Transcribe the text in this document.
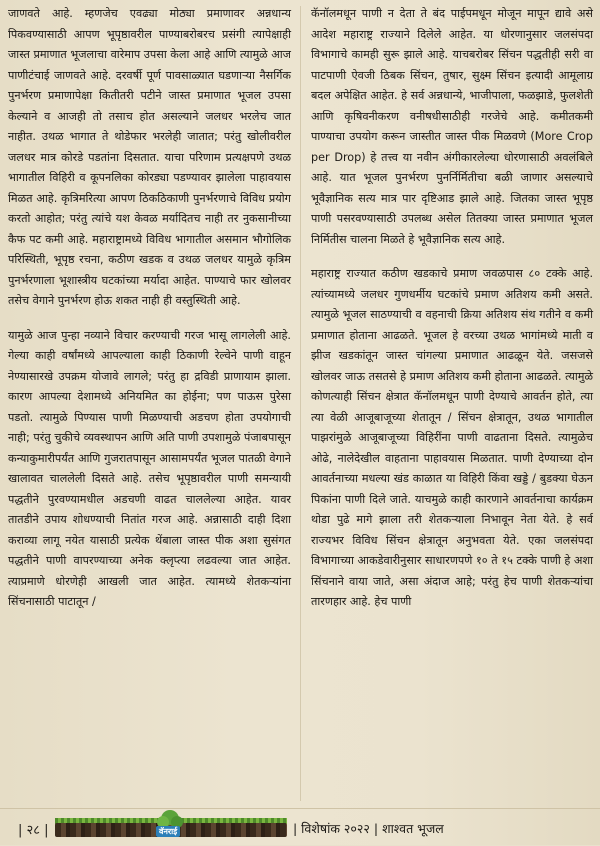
जाणवते आहे. म्हणजेच एवढ्या मोठ्या प्रमाणावर अन्नधान्य पिकवण्यासाठी आपण भूपृष्ठावरील पाण्याबरोबरच प्रसंगी त्यापेक्षाही जास्त प्रमाणात भूजलाचा वारेमाप उपसा केला आहे आणि त्यामुळे आज पाणीटंचाई जाणवते आहे. दरवर्षी पूर्ण पावसाळ्यात घडणाऱ्या नैसर्गिक पुनर्भरण प्रमाणापेक्षा कितीतरी पटीने जास्त प्रमाणात भूजल उपसा केल्याने व आजही तो तसाच होत असल्याने जलधर भरलेच जात नाहीत. उथळ भागात ते थोडेफार भरलेही जातात; परंतु खोलीवरील जलधर मात्र कोरडे पडतांना दिसतात. याचा परिणाम प्रत्यक्षपणे उथळ भागातील विहिरी व कूपनलिका कोरड्या पडण्यावर झालेला पाहावयास मिळत आहे. कृत्रिमरित्या आपण ठिकठिकाणी पुनर्भरणाचे विविध प्रयोग करतो आहोत; परंतु त्यांचे यश केवळ मर्यादितच नाही तर नुकसानीच्या कैफ पट कमी आहे. महाराष्ट्रामध्ये विविध भागातील असमान भौगोलिक परिस्थिती, भूपृष्ठ रचना, कठीण खडक व उथळ जलधर यामुळे कृत्रिम पुनर्भरणाला भूशास्त्रीय घटकांच्या मर्यादा आहेत. पाण्याचे फार खोलवर तसेच वेगाने पुनर्भरण होऊ शकत नाही ही वस्तुस्थिती आहे.

यामुळे आज पुन्हा नव्याने विचार करण्याची गरज भासू लागलेली आहे. गेल्या काही वर्षांमध्ये आपल्याला काही ठिकाणी रेल्वेने पाणी वाहून नेण्यासारखे उपक्रम योजावे लागले; परंतु हा द्रविडी प्राणायाम झाला. कारण आपल्या देशामध्ये अनियमित का होईना; पण पाऊस पुरेसा पडतो. त्यामुळे पिण्यास पाणी मिळण्याची अडचण होता उपयोगाची नाही; परंतु चुकीचे व्यवस्थापन आणि अति पाणी उपशामुळे पंजाबपासून कन्याकुमारीपर्यंत आणि गुजरातपासून आसामपर्यंत भूजल पातळी वेगाने खालावत चाललेली दिसते आहे. तसेच भूपृष्ठावरील पाणी समन्यायी पद्धतीने पुरवण्यामधील अडचणी वाढत चाललेल्या आहेत. यावर तातडीने उपाय शोधण्याची नितांत गरज आहे. अन्नासाठी दाही दिशा कराव्या लागू नयेत यासाठी प्रत्येक थेंबाला जास्त पीक अशा सुसंगत पद्धतीने पाणी वापरण्याच्या अनेक क्लृप्त्या लढवल्या जात आहेत. त्याप्रमाणे धोरणेही आखली जात आहेत. त्यामध्ये शेतकऱ्यांना सिंचनासाठी पाटातून /

कॅनॉलमधून पाणी न देता ते बंद पाईपमधून मोजून मापून द्यावे असे आदेश महाराष्ट्र राज्याने दिलेले आहेत. या धोरणानुसार जलसंपदा विभागाचे कामही सुरू झाले आहे. याचबरोबर सिंचन पद्धतीही सरी वा पाटपाणी ऐवजी ठिबक सिंचन, तुषार, सुक्ष्म सिंचन इत्यादी आमूलाग्र बदल अपेक्षित आहेत. हे सर्व अन्नधान्ये, भाजीपाला, फळझाडे, फुलशेती आणि कृषिवनीकरण वनीषधीसाठीही गरजेचे आहे. कमीतकमी पाण्याचा उपयोग करून जास्तीत जास्त पीक मिळवणे (More Crop per Drop) हे तत्त्व या नवीन अंगीकारलेल्या धोरणासाठी अवलंबिले आहे. यात भूजल पुनर्भरण पुनर्निर्मितीचा बळी जाणार असल्याचे भूवैज्ञानिक सत्य मात्र पार दृष्टिआड झाले आहे. जितका जास्त भूपृष्ठ पाणी पसरवण्यासाठी उपलब्ध असेल तितक्या जास्त प्रमाणात भूजल निर्मितीस चालना मिळते हे भूवैज्ञानिक सत्य आहे.

महाराष्ट्र राज्यात कठीण खडकाचे प्रमाण जवळपास ८० टक्के आहे. त्यांच्यामध्ये जलधर गुणधर्मीय घटकांचे प्रमाण अतिशय कमी असते. त्यामुळे भूजल साठण्याची व वहनाची क्रिया अतिशय संथ गतीने व कमी प्रमाणात होताना आढळते. भूजल हे वरच्या उथळ भागांमध्ये माती व झीज खडकांतून जास्त चांगल्या प्रमाणात आढळून येते. जसजसे खोलवर जाऊ तसतसे हे प्रमाण अतिशय कमी होताना आढळते. त्यामुळे कोणत्याही सिंचन क्षेत्रात कॅनॉलमधून पाणी देण्याचे आवर्तन होते, त्या त्या वेळी आजूबाजूच्या शेतातून / सिंचन क्षेत्रातून, उथळ भागातील पाझरांमुळे आजूबाजूच्या विहिरींना पाणी वाढताना दिसते. त्यामुळेच ओढे, नालेदेखील वाहताना पाहावयास मिळतात. पाणी देण्याच्या दोन आवर्तनाच्या मधल्या खंड काळात या विहिरी किंवा खड्डे / बुडक्या घेऊन पिकांना पाणी दिले जाते. याचमुळे काही कारणाने आवर्तनाचा कार्यक्रम थोडा पुढे मागे झाला तरी शेतकऱ्याला निभावून नेता येते. हे सर्व राज्यभर विविध सिंचन क्षेत्रातून अनुभवता येते. एका जलसंपदा विभागाच्या आकडेवारीनुसार साधारणपणे १० ते १५ टक्के पाणी हे अशा सिंचनाने वाया जाते, असा अंदाज आहे; परंतु हेच पाणी शेतकऱ्यांचा तारणहार आहे. हेच पाणी

| २८ |	वॅनराई	| विशेषांक २०२२ | शाश्वत भूजल
